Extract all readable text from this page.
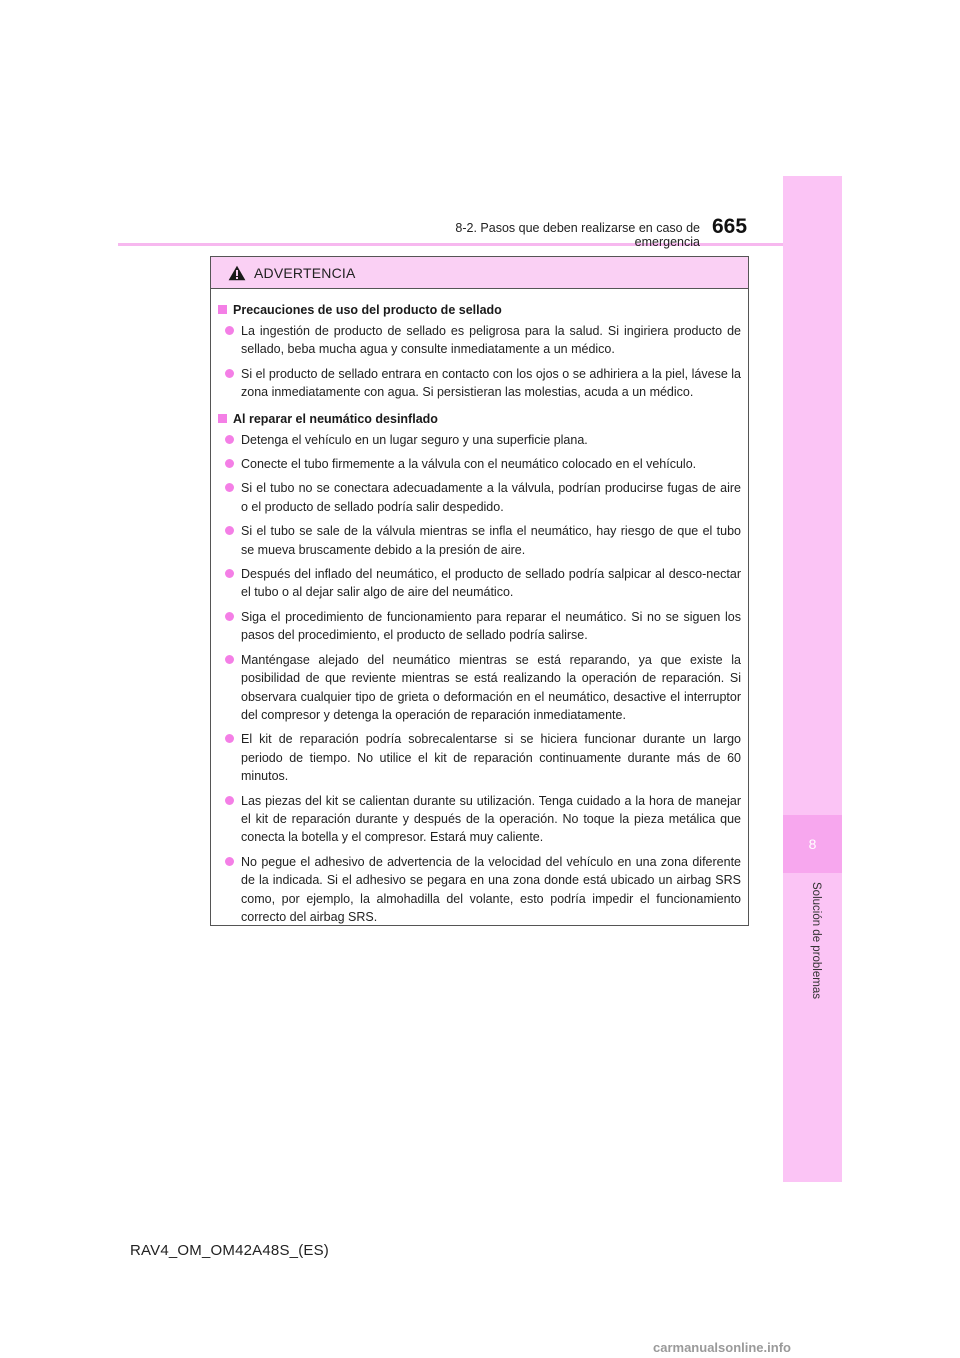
8-2. Pasos que deben realizarse en caso de emergencia
665
8
Solución de problemas
ADVERTENCIA
Precauciones de uso del producto de sellado
La ingestión de producto de sellado es peligrosa para la salud. Si ingiriera producto de sellado, beba mucha agua y consulte inmediatamente a un médico.
Si el producto de sellado entrara en contacto con los ojos o se adhiriera a la piel, lávese la zona inmediatamente con agua. Si persistieran las molestias, acuda a un médico.
Al reparar el neumático desinflado
Detenga el vehículo en un lugar seguro y una superficie plana.
Conecte el tubo firmemente a la válvula con el neumático colocado en el vehículo.
Si el tubo no se conectara adecuadamente a la válvula, podrían producirse fugas de aire o el producto de sellado podría salir despedido.
Si el tubo se sale de la válvula mientras se infla el neumático, hay riesgo de que el tubo se mueva bruscamente debido a la presión de aire.
Después del inflado del neumático, el producto de sellado podría salpicar al desco-nectar el tubo o al dejar salir algo de aire del neumático.
Siga el procedimiento de funcionamiento para reparar el neumático. Si no se siguen los pasos del procedimiento, el producto de sellado podría salirse.
Manténgase alejado del neumático mientras se está reparando, ya que existe la posibilidad de que reviente mientras se está realizando la operación de reparación. Si observara cualquier tipo de grieta o deformación en el neumático, desactive el interruptor del compresor y detenga la operación de reparación inmediatamente.
El kit de reparación podría sobrecalentarse si se hiciera funcionar durante un largo periodo de tiempo. No utilice el kit de reparación continuamente durante más de 60 minutos.
Las piezas del kit se calientan durante su utilización. Tenga cuidado a la hora de manejar el kit de reparación durante y después de la operación. No toque la pieza metálica que conecta la botella y el compresor. Estará muy caliente.
No pegue el adhesivo de advertencia de la velocidad del vehículo en una zona diferente de la indicada. Si el adhesivo se pegara en una zona donde está ubicado un airbag SRS como, por ejemplo, la almohadilla del volante, esto podría impedir el funcionamiento correcto del airbag SRS.
RAV4_OM_OM42A48S_(ES)
carmanualsonline.info
